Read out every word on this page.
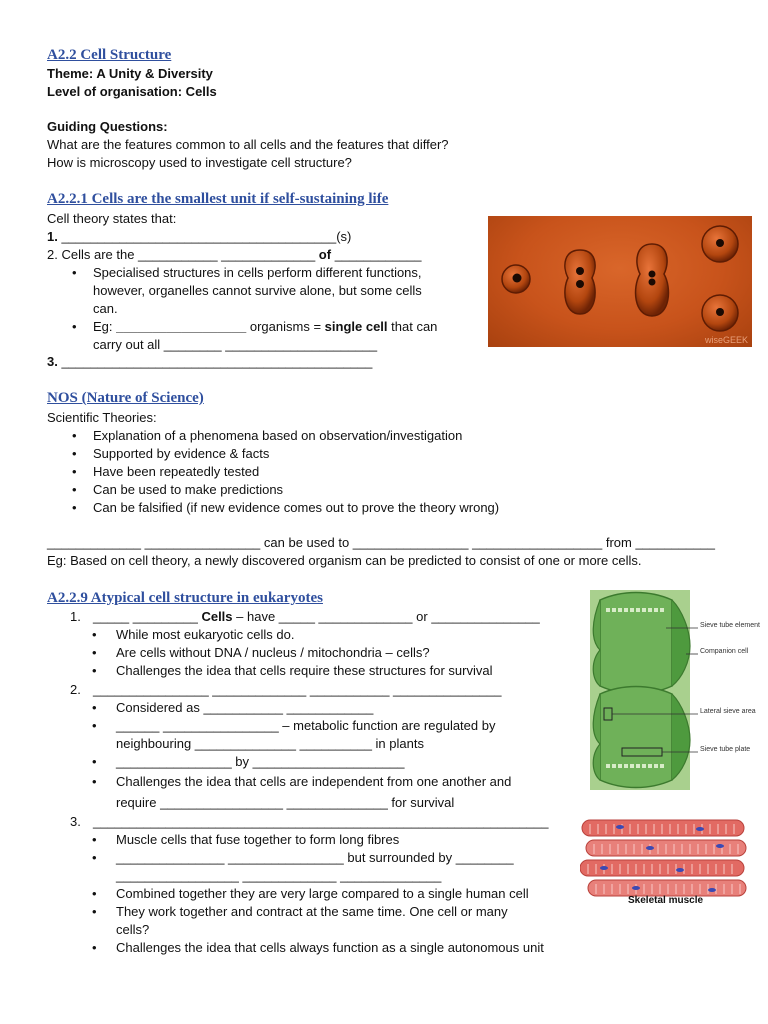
A2.2 Cell Structure
Theme: A Unity & Diversity
Level of organisation: Cells
Guiding Questions:
What are the features common to all cells and the features that differ?
How is microscopy used to investigate cell structure?
A2.2.1 Cells are the smallest unit if self-sustaining life
Cell theory states that:
1. ______________________________________(s)
2. Cells are the ___________ _____________ of ____________
• Specialised structures in cells perform different functions,
however, organelles cannot survive alone, but some cells
can.
• Eg: __________________ organisms = single cell that can
carry out all ________ _____________________
3. ___________________________________________
wiseGEEK
NOS (Nature of Science)
Scientific Theories:
• Explanation of a phenomena based on observation/investigation
• Supported by evidence & facts
• Have been repeatedly tested
• Can be used to make predictions
• Can be falsified (if new evidence comes out to prove the theory wrong)
_____________ ________________ can be used to ________________ __________________ from ___________
Eg: Based on cell theory, a newly discovered organism can be predicted to consist of one or more cells.
A2.2.9 Atypical cell structure in eukaryotes
1. _____ _________ Cells – have _____ _____________ or _______________
• While most eukaryotic cells do.
• Are cells without DNA / nucleus / mitochondria – cells?
• Challenges the idea that cells require these structures for survival
2. ________________ _____________ ___________ _______________
• Considered as ___________ ____________
• ______ ________________ – metabolic function are regulated by
neighbouring ______________ __________ in plants
• ________________ by _____________________
• Challenges the idea that cells are independent from one another and
require _________________ ______________ for survival
3. _______________________________________________________________
• Muscle cells that fuse together to form long fibres
• _______________ ________________ but surrounded by ________
_________________ _____________ ______________
• Combined together they are very large compared to a single human cell
• They work together and contract at the same time. One cell or many
cells?
• Challenges the idea that cells always function as a single autonomous unit
Sieve tube element
Companion cell
Lateral sieve area
Sieve tube plate
Skeletal muscle
